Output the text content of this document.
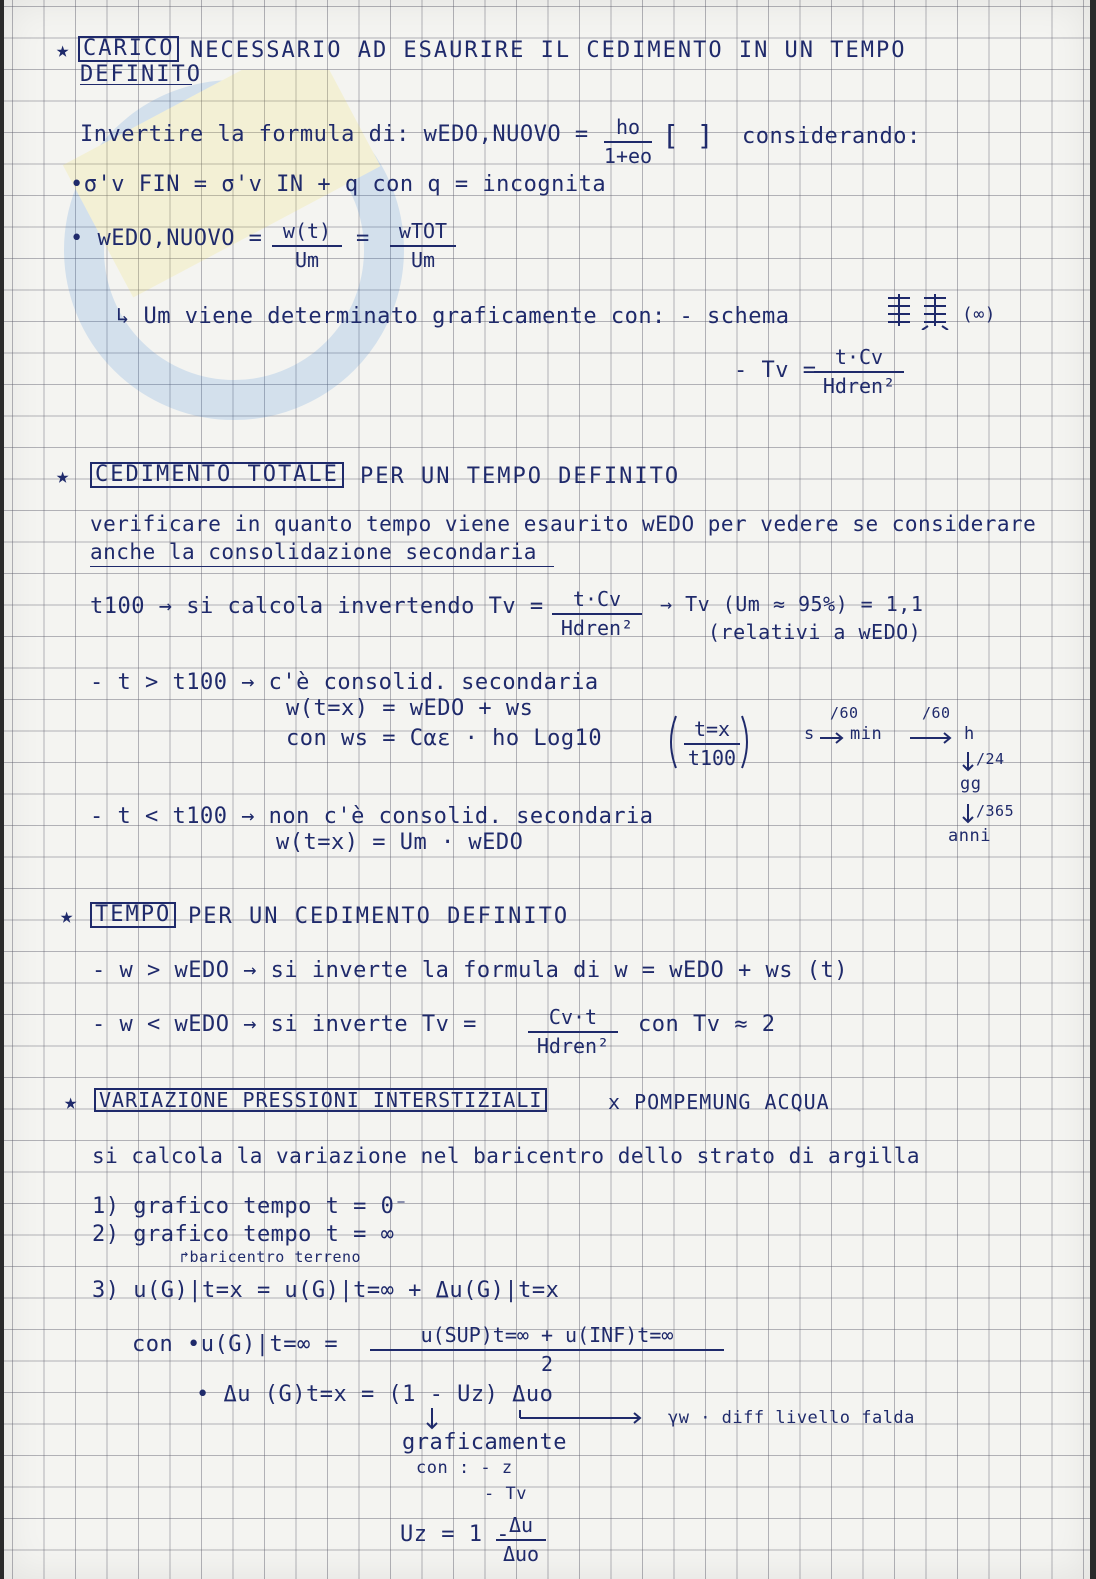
★ CARICO NECESSARIO AD ESAURIRE IL CEDIMENTO IN UN TEMPO
DEFINITO
Invertire la formula di: wEDO,NUOVO = ho
1+eo
[ ] considerando:
•σ'v FIN = σ'v IN + q con q = incognita
• wEDO,NUOVO = w(t)
Um
= wTOT
Um
↳ Um viene determinato graficamente con: - schema	(∞)
- Tv =
t·Cv
Hdren²
★ CEDIMENTO TOTALE PER UN TEMPO DEFINITO
verificare in quanto tempo viene esaurito wEDO per vedere se considerare
anche la consolidazione secondaria
t100 → si calcola invertendo Tv = t·Cv
Hdren²
→ Tv (Um ≈ 95%) = 1,1
(relativi a wEDO)
- t > t100 → c'è consolid. secondaria
w(t=x) = wEDO + ws
con ws = Cαε · ho Log10	t=x
t100
- t < t100 → non c'è consolid. secondaria
w(t=x) = Um · wEDO
s
/60
min
/60
h
/24
gg
/365
anni
★ TEMPO PER UN CEDIMENTO DEFINITO
- w > wEDO → si inverte la formula di w = wEDO + ws (t)
- w < wEDO → si inverte Tv =	Cv·t
Hdren²
con Tv ≈ 2
★ VARIAZIONE PRESSIONI INTERSTIZIALI	x POMPEMUNG ACQUA
si calcola la variazione nel baricentro dello strato di argilla
1) grafico tempo t = 0⁻
2) grafico tempo t = ∞
↱baricentro terreno
3) u(G)|t=x = u(G)|t=∞ + Δu(G)|t=x
con •u(G)|t=∞ =	u(SUP)t=∞ + u(INF)t=∞
2
• Δu (G)t=x = (1 - Uz) Δuo
γw · diff livello falda
graficamente
con : - z
- Tv
Uz = 1 -
Δu
Δuo
